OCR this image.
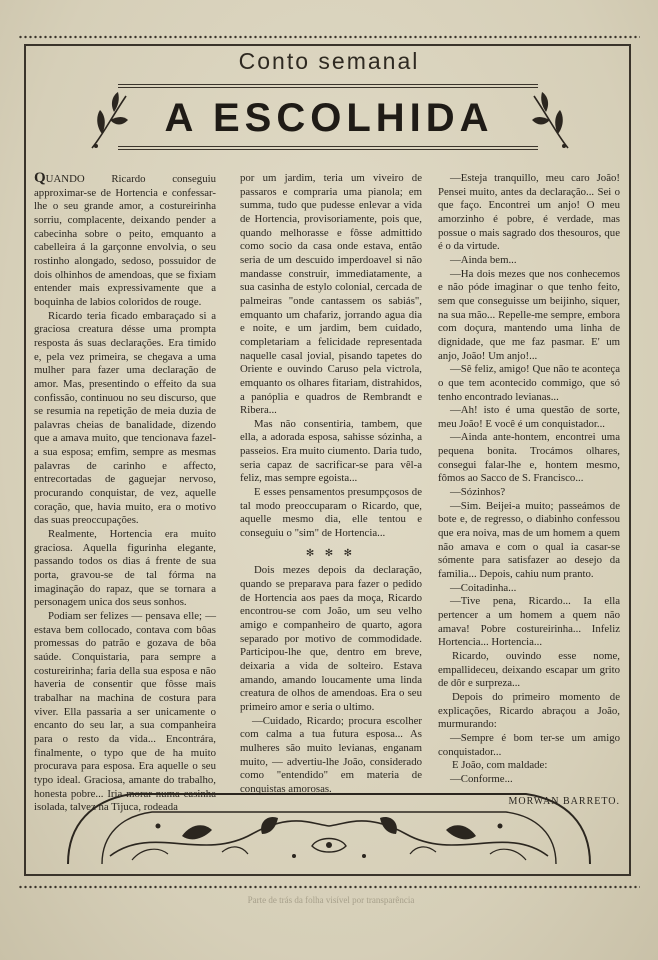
Conto semanal
A ESCOLHIDA

QUANDO Ricardo conseguiu approximar-se de Hortencia e confessar-lhe o seu grande amor, a costureirinha sorriu, complacente, deixando pender a cabecinha sobre o peito, emquanto a cabelleira á la garçonne envolvia, o seu rostinho alongado, sedoso, possuidor de dois olhinhos de amendoas, que se fixiam entender mais expressivamente que a boquinha de labios coloridos de rouge.

Ricardo teria ficado embaraçado si a graciosa creatura désse uma prompta resposta ás suas declarações. Era timido e, pela vez primeira, se chegava a uma mulher para fazer uma declaração de amor. Mas, presentindo o effeito da sua confissão, continuou no seu discurso, que se resumia na repetição de meia duzia de palavras cheias de banalidade, dizendo que a amava muito, que tencionava fazel-a sua esposa; emfim, sempre as mesmas palavras de carinho e affecto, entrecortadas de gaguejar nervoso, procurando conquistar, de vez, aquelle coração, que, havia muito, era o motivo das suas preoccupações.

Realmente, Hortencia era muito graciosa. Aquella figurinha elegante, passando todos os dias á frente de sua porta, gravou-se de tal fórma na imaginação do rapaz, que se tornara a personagem unica dos seus sonhos.

Podiam ser felizes — pensava elle; — estava bem collocado, contava com bôas promessas do patrão e gozava de bôa saúde. Conquistaria, para sempre a costureirinha; faria della sua esposa e não haveria de consentir que fôsse mais trabalhar na machina de costura para viver. Ella passaria a ser unicamente o encanto do seu lar, a sua companheira para o resto da vida... Encontrára, finalmente, o typo que de ha muito procurava para esposa. Era aquelle o seu typo ideal. Graciosa, amante do trabalho, honesta pobre... Iria morar numa casinha isolada, talvez na Tijuca, rodeada

por um jardim, teria um viveiro de passaros e compraria uma pianola; em summa, tudo que pudesse enlevar a vida de Hortencia, provisoriamente, pois que, quando melhorasse e fôsse admittido como socio da casa onde estava, então seria de um descuido imperdoavel si não mandasse construir, immediatamente, a sua casinha de estylo colonial, cercada de palmeiras "onde cantassem os sabiás", emquanto um chafariz, jorrando agua dia e noite, e um jardim, bem cuidado, completariam a felicidade representada naquelle casal jovial, pisando tapetes do Oriente e ouvindo Caruso pela victrola, emquanto os olhares fitariam, distrahidos, a panóplia e quadros de Rembrandt e Ribera...

Mas não consentiria, tambem, que ella, a adorada esposa, sahisse sózinha, a passeios. Era muito ciumento. Daria tudo, seria capaz de sacrificar-se para vêl-a feliz, mas sempre egoista...

E esses pensamentos presumpçosos de tal modo preoccuparam o Ricardo, que, aquelle mesmo dia, elle tentou e conseguiu o "sim" de Hortencia...

✻ ✻ ✻

Dois mezes depois da declaração, quando se preparava para fazer o pedido de Hortencia aos paes da moça, Ricardo encontrou-se com João, um seu velho amigo e companheiro de quarto, agora separado por motivo de commodidade. Participou-lhe que, dentro em breve, deixaria a vida de solteiro. Estava amando, amando loucamente uma linda creatura de olhos de amendoas. Era o seu primeiro amor e seria o ultimo.

—Cuidado, Ricardo; procura escolher com calma a tua futura esposa... As mulheres são muito levianas, enganam muito, — advertiu-lhe João, considerado como "entendido" em materia de conquistas amorosas.

—Esteja tranquillo, meu caro João! Pensei muito, antes da declaração... Sei o que faço. Encontrei um anjo! O meu amorzinho é pobre, é verdade, mas possue o mais sagrado dos thesouros, que é o da virtude.

—Ainda bem...

—Ha dois mezes que nos conhecemos e não póde imaginar o que tenho feito, sem que conseguisse um beijinho, siquer, na sua mão... Repelle-me sempre, embora com doçura, mantendo uma linha de dignidade, que me faz pasmar. E' um anjo, João! Um anjo!...

—Sê feliz, amigo! Que não te aconteça o que tem acontecido commigo, que só tenho encontrado levianas...

—Ah! isto é uma questão de sorte, meu João! E você é um conquistador...

—Ainda ante-hontem, encontrei uma pequena bonita. Trocámos olhares, consegui falar-lhe e, hontem mesmo, fômos ao Sacco de S. Francisco...

—Sózinhos?

—Sim. Beijei-a muito; passeámos de bote e, de regresso, o diabinho confessou que era noiva, mas de um homem a quem não amava e com o qual ia casar-se sómente para satisfazer ao desejo da familia... Depois, cahiu num pranto.

—Coitadinha...

—Tive pena, Ricardo... Ia ella pertencer a um homem a quem não amava! Pobre costureirinha... Infeliz Hortencia... Hortencia...

Ricardo, ouvindo esse nome, empallideceu, deixando escapar um grito de dôr e surpreza...

Depois do primeiro momento de explicações, Ricardo abraçou a João, murmurando:

—Sempre é bom ter-se um amigo conquistador...

E João, com maldade:

—Conforme...

MORWAN BARRETO.
Parte de trás da folha visível por transparência
